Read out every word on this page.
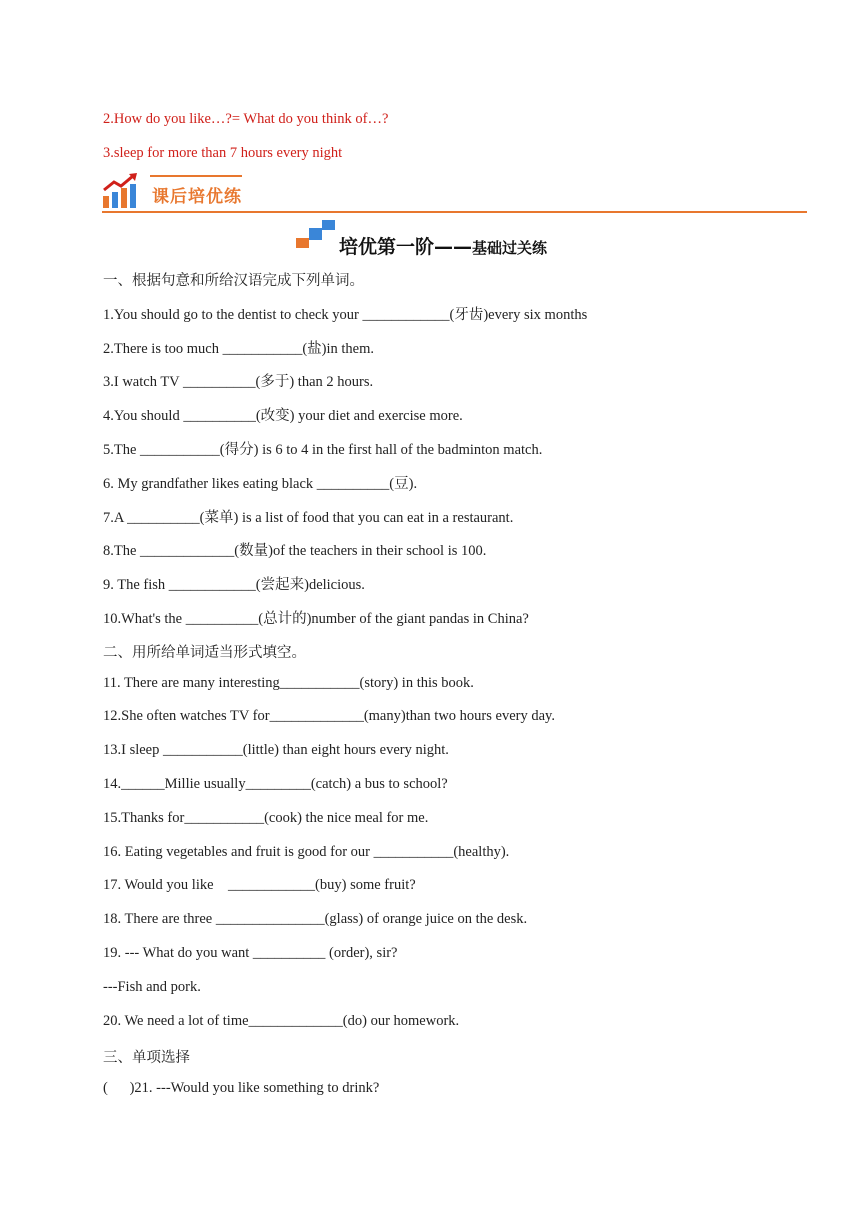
2.How do you like…?= What do you think of…?
3.sleep for more than 7 hours every night
课后培优练
培优第一阶——基础过关练
一、根据句意和所给汉语完成下列单词。
1.You should go to the dentist to check your ____________(牙齿)every six months
2.There is too much ___________(盐)in them.
3.I watch TV __________(多于) than 2 hours.
4.You should __________(改变) your diet and exercise more.
5.The ___________(得分) is 6 to 4 in the first hall of the badminton match.
6. My grandfather likes eating black __________(豆).
7.A __________(菜单) is a list of food that you can eat in a restaurant.
8.The _____________(数量)of the teachers in their school is 100.
9. The fish ____________(尝起来)delicious.
10.What's the __________(总计的)number of the giant pandas in China?
二、用所给单词适当形式填空。
11. There are many interesting___________(story) in this book.
12.She often watches TV for_____________(many)than two hours every day.
13.I sleep ___________(little) than eight hours every night.
14.______Millie usually_________(catch) a bus to school?
15.Thanks for___________(cook) the nice meal for me.
16. Eating vegetables and fruit is good for our ___________(healthy).
17. Would you like    ____________(buy) some fruit?
18. There are three _______________(glass) of orange juice on the desk.
19. --- What do you want __________ (order), sir?
---Fish and pork.
20. We need a lot of time_____________(do) our homework.
三、单项选择
(      )21. ---Would you like something to drink?
